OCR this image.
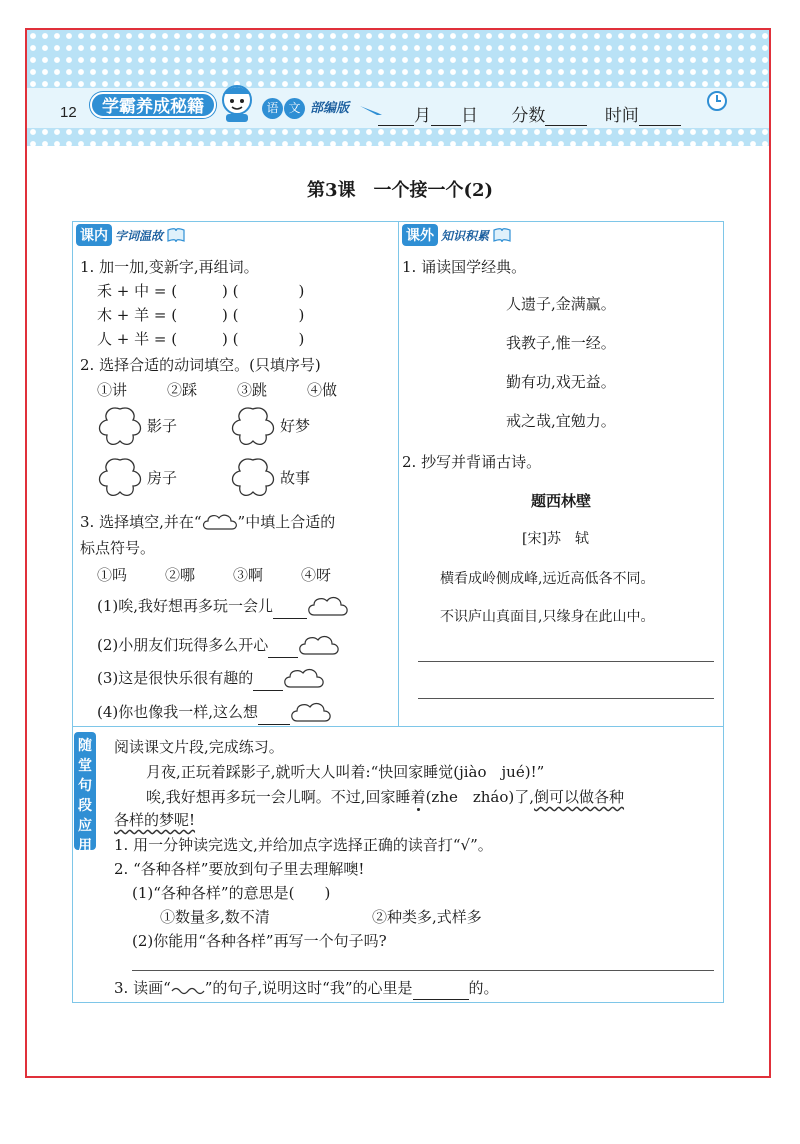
12	学霸养成秘籍	语 文 部编版	月 日 分数	时间
第3课　一个接一个(2)
课内 字词温故
1. 加一加,变新字,再组词。
禾 + 中 = (　　　) (　　　　)
木 + 羊 = (　　　) (　　　　)
人 + 半 = (　　　) (　　　　)
2. 选择合适的动词填空。(只填序号)
①讲	②踩	③跳	④做
影子	好梦
房子	故事
3. 选择填空,并在“ ”中填上合适的
标点符号。
①吗	②哪	③啊	④呀
(1)唉,我好想再多玩一会儿
(2)小朋友们玩得多么开心
(3)这是很快乐很有趣的
(4)你也像我一样,这么想
课外 知识积累
1. 诵读国学经典。
人遗子,金满赢。
我教子,惟一经。
勤有功,戏无益。
戒之哉,宜勉力。
2. 抄写并背诵古诗。
题西林壁
[宋]苏　轼
横看成岭侧成峰,远近高低各不同。
不识庐山真面目,只缘身在此山中。
随
堂
句
段
应
用
阅读课文片段,完成练习。
月夜,正玩着踩影子,就听大人叫着:“快回家睡觉(jiào　jué)!”
唉,我好想再多玩一会儿啊。不过,回家睡着(zhe　zháo)了,倒可以做各种
各样的梦呢!
1. 用一分钟读完选文,并给加点字选择正确的读音打“√”。
2. “各种各样”要放到句子里去理解噢!
(1)“各种各样”的意思是(　　)
①数量多,数不清	②种类多,式样多
(2)你能用“各种各样”再写一个句子吗?
3. 读画“ ”的句子,说明这时“我”的心里是	的。
